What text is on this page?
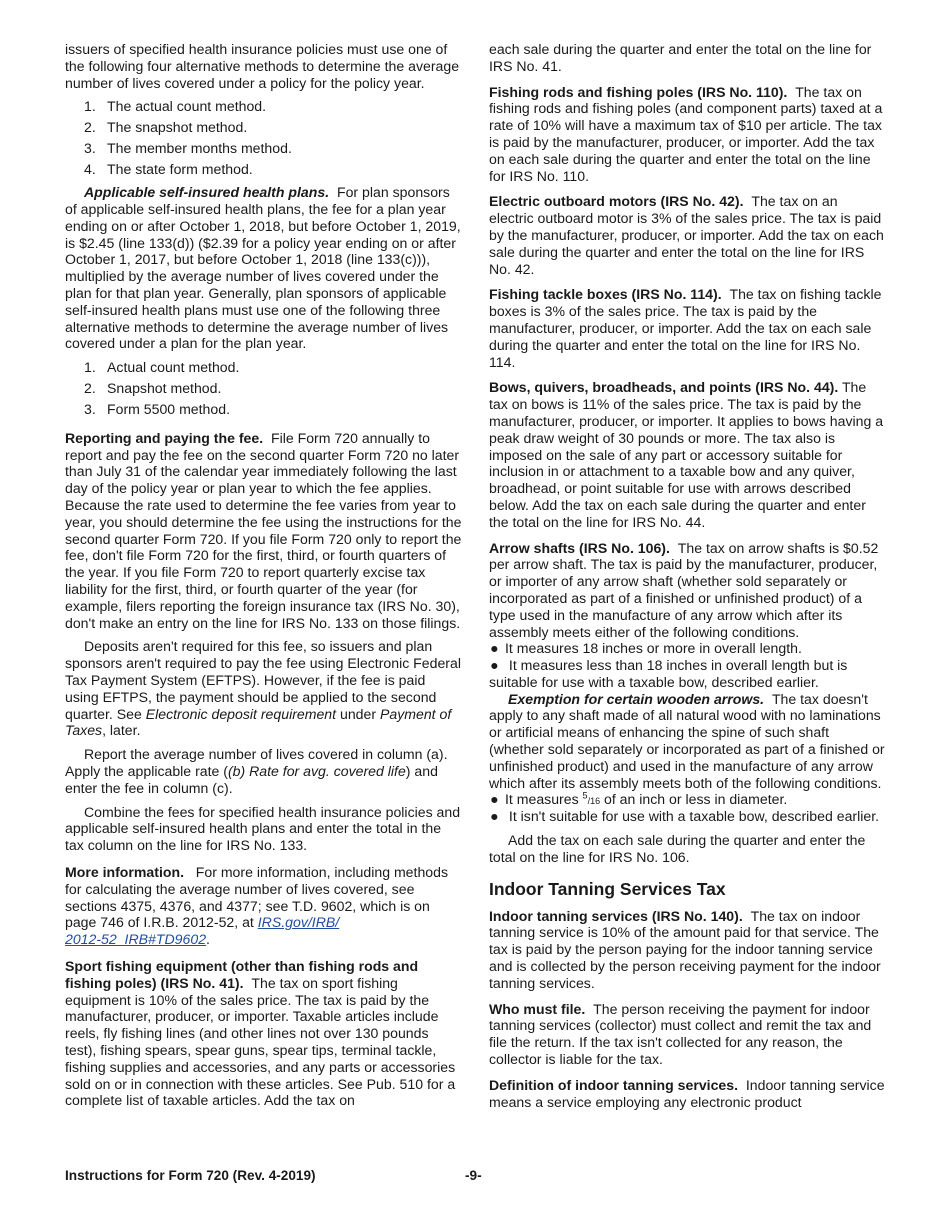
issuers of specified health insurance policies must use one of the following four alternative methods to determine the average number of lives covered under a policy for the policy year.

1. The actual count method.
2. The snapshot method.
3. The member months method.
4. The state form method.

Applicable self-insured health plans. For plan sponsors of applicable self-insured health plans, the fee for a plan year ending on or after October 1, 2018, but before October 1, 2019, is $2.45 (line 133(d)) ($2.39 for a policy year ending on or after October 1, 2017, but before October 1, 2018 (line 133(c))), multiplied by the average number of lives covered under the plan for that plan year. Generally, plan sponsors of applicable self-insured health plans must use one of the following three alternative methods to determine the average number of lives covered under a plan for the plan year.

1. Actual count method.
2. Snapshot method.
3. Form 5500 method.

Reporting and paying the fee. File Form 720 annually to report and pay the fee on the second quarter Form 720 no later than July 31 of the calendar year immediately following the last day of the policy year or plan year to which the fee applies. Because the rate used to determine the fee varies from year to year, you should determine the fee using the instructions for the second quarter Form 720. If you file Form 720 only to report the fee, don't file Form 720 for the first, third, or fourth quarters of the year. If you file Form 720 to report quarterly excise tax liability for the first, third, or fourth quarter of the year (for example, filers reporting the foreign insurance tax (IRS No. 30), don't make an entry on the line for IRS No. 133 on those filings.

Deposits aren't required for this fee, so issuers and plan sponsors aren't required to pay the fee using Electronic Federal Tax Payment System (EFTPS). However, if the fee is paid using EFTPS, the payment should be applied to the second quarter. See Electronic deposit requirement under Payment of Taxes, later.

Report the average number of lives covered in column (a). Apply the applicable rate ((b) Rate for avg. covered life) and enter the fee in column (c).

Combine the fees for specified health insurance policies and applicable self-insured health plans and enter the total in the tax column on the line for IRS No. 133.

More information. For more information, including methods for calculating the average number of lives covered, see sections 4375, 4376, and 4377; see T.D. 9602, which is on page 746 of I.R.B. 2012-52, at IRS.gov/IRB/
2012-52_IRB#TD9602.

Sport fishing equipment (other than fishing rods and fishing poles) (IRS No. 41). The tax on sport fishing equipment is 10% of the sales price. The tax is paid by the manufacturer, producer, or importer. Taxable articles include reels, fly fishing lines (and other lines not over 130 pounds test), fishing spears, spear guns, spear tips, terminal tackle, fishing supplies and accessories, and any parts or accessories sold on or in connection with these articles. See Pub. 510 for a complete list of taxable articles. Add the tax on

each sale during the quarter and enter the total on the line for IRS No. 41.

Fishing rods and fishing poles (IRS No. 110). The tax on fishing rods and fishing poles (and component parts) taxed at a rate of 10% will have a maximum tax of $10 per article. The tax is paid by the manufacturer, producer, or importer. Add the tax on each sale during the quarter and enter the total on the line for IRS No. 110.

Electric outboard motors (IRS No. 42). The tax on an electric outboard motor is 3% of the sales price. The tax is paid by the manufacturer, producer, or importer. Add the tax on each sale during the quarter and enter the total on the line for IRS No. 42.

Fishing tackle boxes (IRS No. 114). The tax on fishing tackle boxes is 3% of the sales price. The tax is paid by the manufacturer, producer, or importer. Add the tax on each sale during the quarter and enter the total on the line for IRS No. 114.

Bows, quivers, broadheads, and points (IRS No. 44). The tax on bows is 11% of the sales price. The tax is paid by the manufacturer, producer, or importer. It applies to bows having a peak draw weight of 30 pounds or more. The tax also is imposed on the sale of any part or accessory suitable for inclusion in or attachment to a taxable bow and any quiver, broadhead, or point suitable for use with arrows described below. Add the tax on each sale during the quarter and enter the total on the line for IRS No. 44.

Arrow shafts (IRS No. 106). The tax on arrow shafts is $0.52 per arrow shaft. The tax is paid by the manufacturer, producer, or importer of any arrow shaft (whether sold separately or incorporated as part of a finished or unfinished product) of a type used in the manufacture of any arrow which after its assembly meets either of the following conditions.

● It measures 18 inches or more in overall length.

● It measures less than 18 inches in overall length but is suitable for use with a taxable bow, described earlier.

Exemption for certain wooden arrows. The tax doesn't apply to any shaft made of all natural wood with no laminations or artificial means of enhancing the spine of such shaft (whether sold separately or incorporated as part of a finished or unfinished product) and used in the manufacture of any arrow which after its assembly meets both of the following conditions.

● It measures $^5$/16 of an inch or less in diameter.

● It isn't suitable for use with a taxable bow, described earlier.

Add the tax on each sale during the quarter and enter the total on the line for IRS No. 106.

Indoor Tanning Services Tax

Indoor tanning services (IRS No. 140). The tax on indoor tanning service is 10% of the amount paid for that service. The tax is paid by the person paying for the indoor tanning service and is collected by the person receiving payment for the indoor tanning services.

Who must file. The person receiving the payment for indoor tanning services (collector) must collect and remit the tax and file the return. If the tax isn't collected for any reason, the collector is liable for the tax.

Definition of indoor tanning services. Indoor tanning service means a service employing any electronic product

Instructions for Form 720 (Rev. 4-2019)	-9-
